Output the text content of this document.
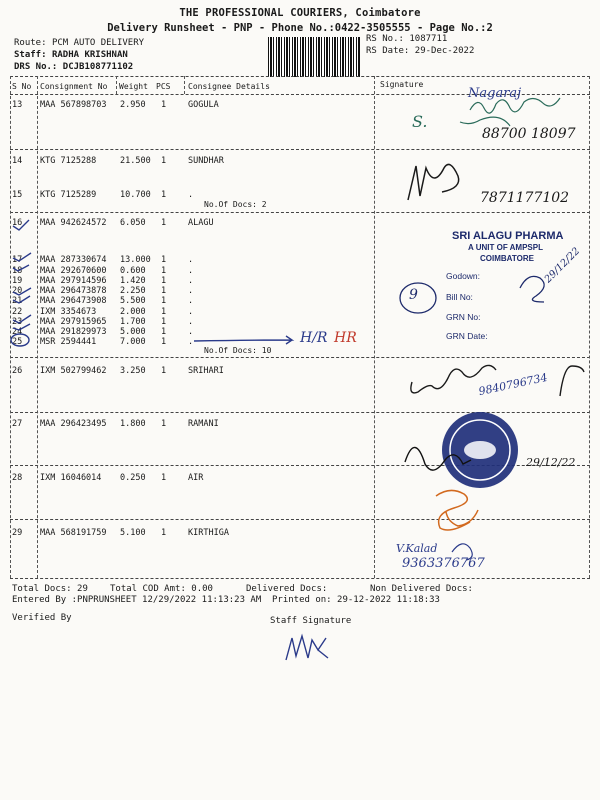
THE PROFESSIONAL COURIERS, Coimbatore
Delivery Runsheet - PNP - Phone No.:0422-3505555 - Page No.:2
Route: PCM AUTO DELIVERY
Staff: RADHA KRISHNAN
DRS No.: DCJB108771102
RS No.: 1087711
RS Date: 29-Dec-2022
S No Consignment No Weight PCS Consignee Details	Signature
13 MAA 567898703 2.950 1	GOGULA
14 KTG 7125288	21.500 1	SUNDHAR
15 KTG 7125289	10.700 1	.
16 MAA 942624572 6.050 1	ALAGU
17 MAA 287330674 13.000 1	.
18 MAA 292670600 0.600 1	.
19 MAA 297914596 1.420 1	.
20 MAA 296473878 2.250 1	.
21 MAA 296473908 5.500 1	.
22 IXM 3354673	2.000 1	.
23 MAA 297915965 1.700 1	.
24 MAA 291829973 5.000 1	.
25 MSR 2594441	7.000 1	.
26 IXM 502799462 3.250 1	SRIHARI
27 MAA 296423495 1.800 1	RAMANI
28 IXM 16046014 0.250 1	AIR
29 MAA 568191759 5.100 1	KIRTHIGA
No.Of Docs: 2
No.Of Docs: 10
Nagaraj
S.
88700 18097
7871177102
H/R HR
9
29/12/22
9840796734
29/12/22
V.Kalad
9363376767
SRI ALAGU PHARMA
A UNIT OF AMPSPL
COIMBATORE
Godown:
Bill No:
GRN No:
GRN Date:
Total Docs: 29 Total COD Amt: 0.00	Delivered Docs:	Non Delivered Docs:
Entered By :PNPRUNSHEET 12/29/2022 11:13:23 AM Printed on: 29-12-2022 11:18:33
Verified By	Staff Signature
